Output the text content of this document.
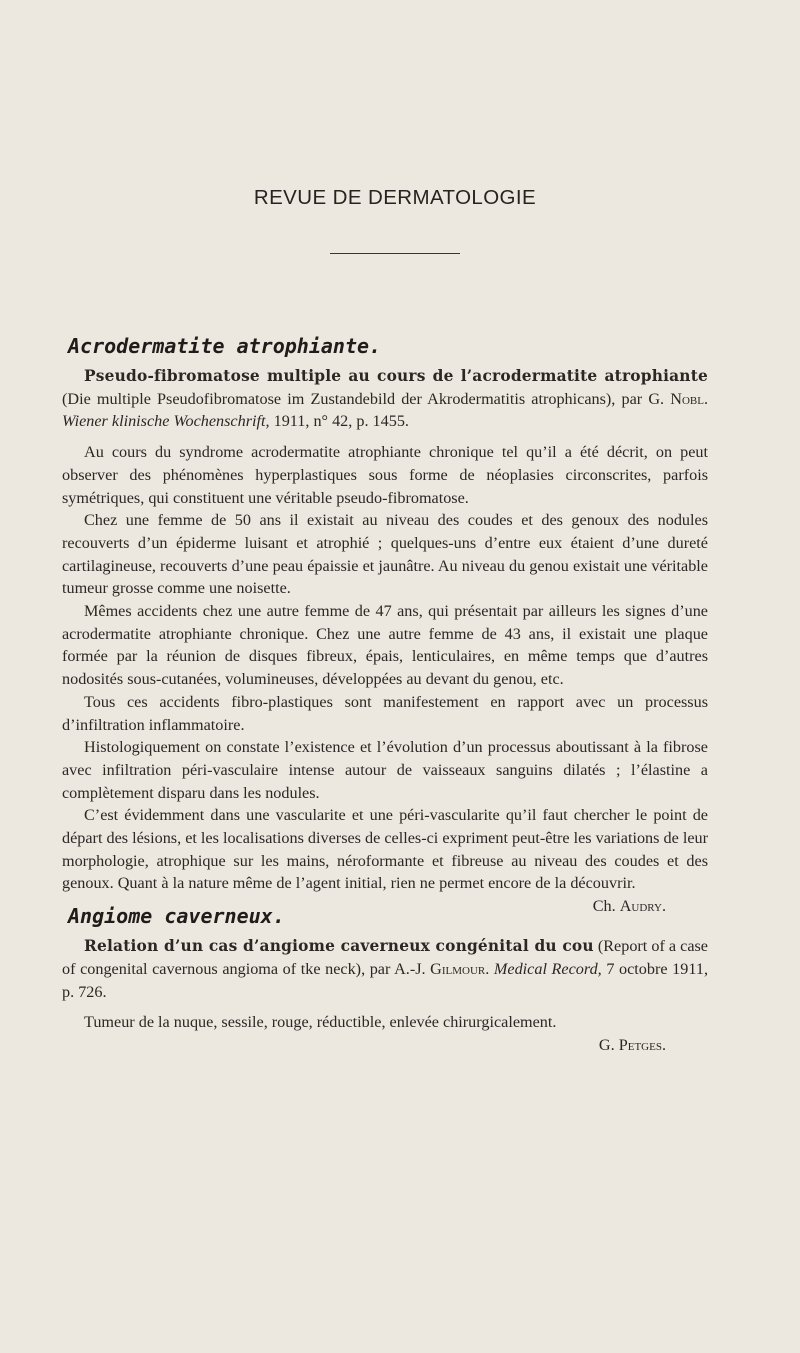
REVUE DE DERMATOLOGIE
Acrodermatite atrophiante.

Pseudo-fibromatose multiple au cours de l’acrodermatite atrophiante (Die multiple Pseudofibromatose im Zustandebild der Akrodermatitis atrophicans), par G. Nobl. Wiener klinische Wochenschrift, 1911, n° 42, p. 1455.

Au cours du syndrome acrodermatite atrophiante chronique tel qu’il a été décrit, on peut observer des phénomènes hyperplastiques sous forme de néoplasies circonscrites, parfois symétriques, qui constituent une véritable pseudo-fibromatose.

Chez une femme de 50 ans il existait au niveau des coudes et des genoux des nodules recouverts d’un épiderme luisant et atrophié ; quelques-uns d’entre eux étaient d’une dureté cartilagineuse, recouverts d’une peau épaissie et jaunâtre. Au niveau du genou existait une véritable tumeur grosse comme une noisette.

Mêmes accidents chez une autre femme de 47 ans, qui présentait par ailleurs les signes d’une acrodermatite atrophiante chronique. Chez une autre femme de 43 ans, il existait une plaque formée par la réunion de disques fibreux, épais, lenticulaires, en même temps que d’autres nodosités sous-cutanées, volumineuses, développées au devant du genou, etc.

Tous ces accidents fibro-plastiques sont manifestement en rapport avec un processus d’infiltration inflammatoire.

Histologiquement on constate l’existence et l’évolution d’un processus aboutissant à la fibrose avec infiltration péri-vasculaire intense autour de vaisseaux sanguins dilatés ; l’élastine a complètement disparu dans les nodules.

C’est évidemment dans une vascularite et une péri-vascularite qu’il faut chercher le point de départ des lésions, et les localisations diverses de celles-ci expriment peut-être les variations de leur morphologie, atrophique sur les mains, néroformante et fibreuse au niveau des coudes et des genoux. Quant à la nature même de l’agent initial, rien ne permet encore de la découvrir.
Ch. Audry.

Angiome caverneux.

Relation d’un cas d’angiome caverneux congénital du cou (Report of a case of congenital cavernous angioma of tke neck), par A.-J. Gilmour. Medical Record, 7 octobre 1911, p. 726.

Tumeur de la nuque, sessile, rouge, réductible, enlevée chirurgicalement.

G. Petges.
